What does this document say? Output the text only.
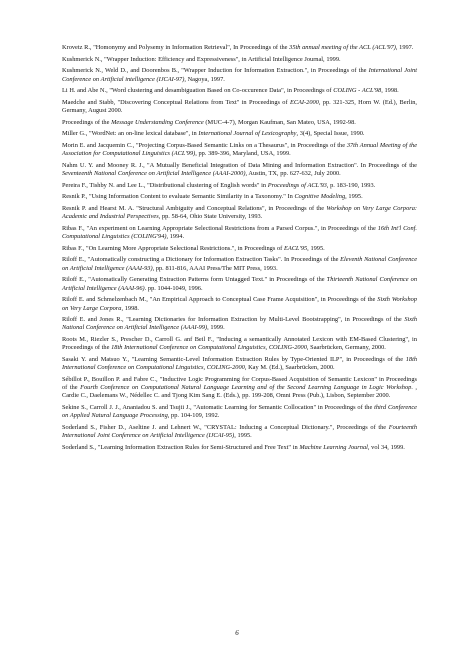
Krovetz R., "Homonymy and Polysemy in Information Retrieval", In Proceedings of the 35th annual meeting of the ACL (ACL'97), 1997.

Kushmerick N., "Wrapper Induction: Efficiency and Expressiveness", in Artificial Intelligence Journal, 1999.

Kushmerick N., Weld D., and Doorenbos B., "Wrapper Induction for Information Extraction.", in Proceedings of the International Joint Conference on Artificial intelligence (IJCAI-97), Nagoya, 1997.

Li H. and Abe N., "Word clustering and desambiguation Based on Co-occurence Data", in Proceedings of COLING - ACL'98, 1998.

Maedche and Stabb, "Discovering Conceptual Relations from Text" in Proceedings of ECAI-2000, pp. 321-325, Horn W. (Ed.), Berlin, Germany, August 2000.

Proceedings of the Message Understanding Conference (MUC-4-7), Morgan Kaufman, San Mateo, USA, 1992-98.

Miller G., "WordNet: an on-line lexical database", in International Journal of Lexicography, 3(4), Special Issue, 1990.

Morin E. and Jacquemin C., "Projecting Corpus-Based Semantic Links on a Thesaurus", in Proceedings of the 37th Annual Meeting of the Association for Computational Linguistics (ACL'99), pp. 389-396, Maryland, USA, 1999.

Nahm U. Y. and Mooney R. J., "A Mutually Beneficial Integration of Data Mining and Information Extraction". In Proceedings of the Seventeenth National Conference on Artificial Intelligence (AAAI-2000), Austin, TX, pp. 627-632, July 2000.

Pereira F., Tishby N. and Lee L., "Distributional clustering of English words" in Proceedings of ACL'93, p. 183-190, 1993.

Resnik P., "Using Information Content to evaluate Semantic Similarity in a Taxonomy." In Cognitive Modeling, 1995.

Resnik P. and Hearst M. A. "Structural Ambiguity and Conceptual Relations", in Proceedings of the Workshop on Very Large Corpora: Academic and Industrial Perspectives, pp. 58-64, Ohio State University, 1993.

Ribas F., "An experiment on Learning Appropriate Selectional Restrictions from a Parsed Corpus.", in Proceedings of the 16th Int'l Conf. Computational Linguistics (COLING'94), 1994.

Ribas F., "On Learning More Appropriate Selectional Restrictions.", in Proceedings of EACL'95, 1995.

Riloff E., "Automatically constructing a Dictionary for Information Extraction Tasks". In Proceedings of the Eleventh National Conference on Artificial Intelligence (AAAI-93), pp. 811-816, AAAI Press/The MIT Press, 1993.

Riloff E., "Automatically Generating Extraction Patterns form Untagged Text." in Proceedings of the Thirteenth National Conference on Artificial Intelligence (AAAI-96). pp. 1044-1049, 1996.

Riloff E. and Schmelzenbach M., "An Empirical Approach to Conceptual Case Frame Acquisition", in Proceedings of the Sixth Workshop on Very Large Corpora, 1998.

Riloff E. and Jones R., "Learning Dictionaries for Information Extraction by Multi-Level Bootstrapping", in Proceedings of the Sixth National Conference on Artificial Intelligence (AAAI-99), 1999.

Roots M., Riezler S., Prescher D., Carroll G. anf Beil F., "Inducing a semantically Annotated Lexicon with EM-Based Clustering", in Proceedings of the 18th International Conference on Computational Linguistics, COLING-2000, Saarbrücken, Germany, 2000.

Sasaki Y. and Matsuo Y., "Learning Semantic-Level Information Extraction Rules by Type-Oriented ILP", in Proceedings of the 18th International Conference on Computational Linguistics, COLING-2000, Kay M. (Ed.), Saarbrücken, 2000.

Sébillot P., Bouillon P. and Fabre C., "Inductive Logic Programming for Corpus-Based Acquisition of Semantic Lexicon" in Proceedings of the Fourth Conference on Computational Natural Language Learning and of the Second Learning Language in Logic Workshop. , Cardie C., Daelemans W., Nédellec C. and Tjong Kim Sang E. (Eds.), pp. 199-208, Omni Press (Pub.), Lisbon, September 2000.

Sekine S., Carroll J. J., Ananiadou S. and Tsujii J., "Automatic Learning for Semantic Collocation" in Proceedings of the third Conference on Applied Natural Language Processing, pp. 104-109, 1992.

Soderland S., Fisher D., Aseltine J. and Lehnert W., "CRYSTAL: Inducing a Conceptual Dictionary.", Proceedings of the Fourteenth International Joint Conference on Artificial Intelligence (IJCAI-95), 1995.

Soderland S., "Learning Information Extraction Rules for Semi-Structured and Free Text" in Machine Learning Journal, vol 34, 1999.

6
